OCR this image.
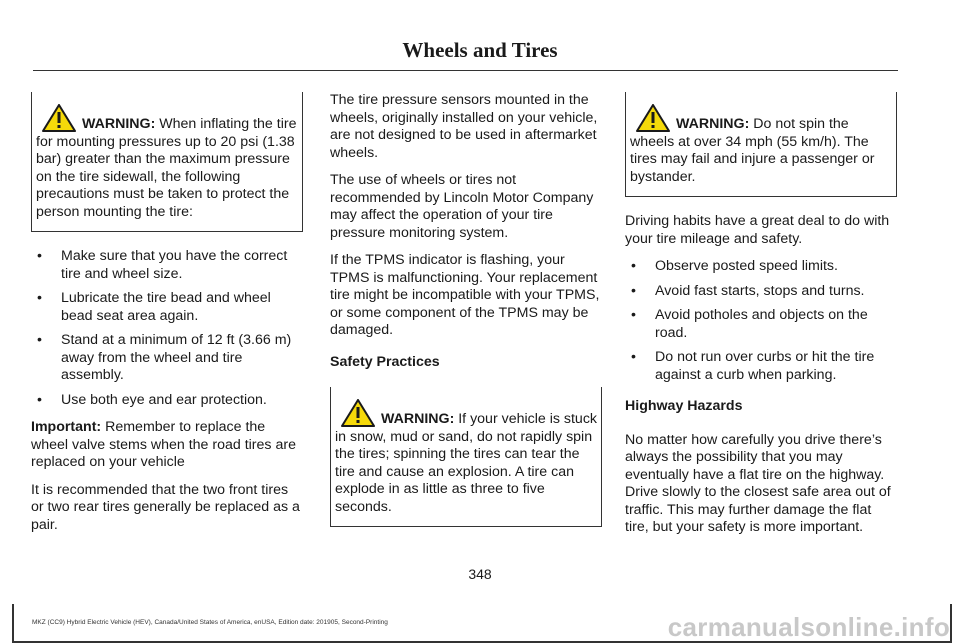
Wheels and Tires
WARNING: When inflating the tire for mounting pressures up to 20 psi (1.38 bar) greater than the maximum pressure on the tire sidewall, the following precautions must be taken to protect the person mounting the tire:
• Make sure that you have the correct tire and wheel size.
• Lubricate the tire bead and wheel bead seat area again.
• Stand at a minimum of 12 ft (3.66 m) away from the wheel and tire assembly.
• Use both eye and ear protection.

Important: Remember to replace the wheel valve stems when the road tires are replaced on your vehicle

It is recommended that the two front tires or two rear tires generally be replaced as a pair.

The tire pressure sensors mounted in the wheels, originally installed on your vehicle, are not designed to be used in aftermarket wheels.

The use of wheels or tires not recommended by Lincoln Motor Company may affect the operation of your tire pressure monitoring system.

If the TPMS indicator is flashing, your TPMS is malfunctioning. Your replacement tire might be incompatible with your TPMS, or some component of the TPMS may be damaged.

Safety Practices
WARNING: If your vehicle is stuck in snow, mud or sand, do not rapidly spin the tires; spinning the tires can tear the tire and cause an explosion. A tire can explode in as little as three to five seconds.
WARNING: Do not spin the wheels at over 34 mph (55 km/h). The tires may fail and injure a passenger or bystander.

Driving habits have a great deal to do with your tire mileage and safety.

• Observe posted speed limits.
• Avoid fast starts, stops and turns.
• Avoid potholes and objects on the road.
• Do not run over curbs or hit the tire against a curb when parking.
Highway Hazards

No matter how carefully you drive there’s always the possibility that you may eventually have a flat tire on the highway. Drive slowly to the closest safe area out of traffic. This may further damage the flat tire, but your safety is more important.

348
MKZ (CC9) Hybrid Electric Vehicle (HEV), Canada/United States of America, enUSA, Edition date: 201905, Second-Printing	carmanualsonline.info
